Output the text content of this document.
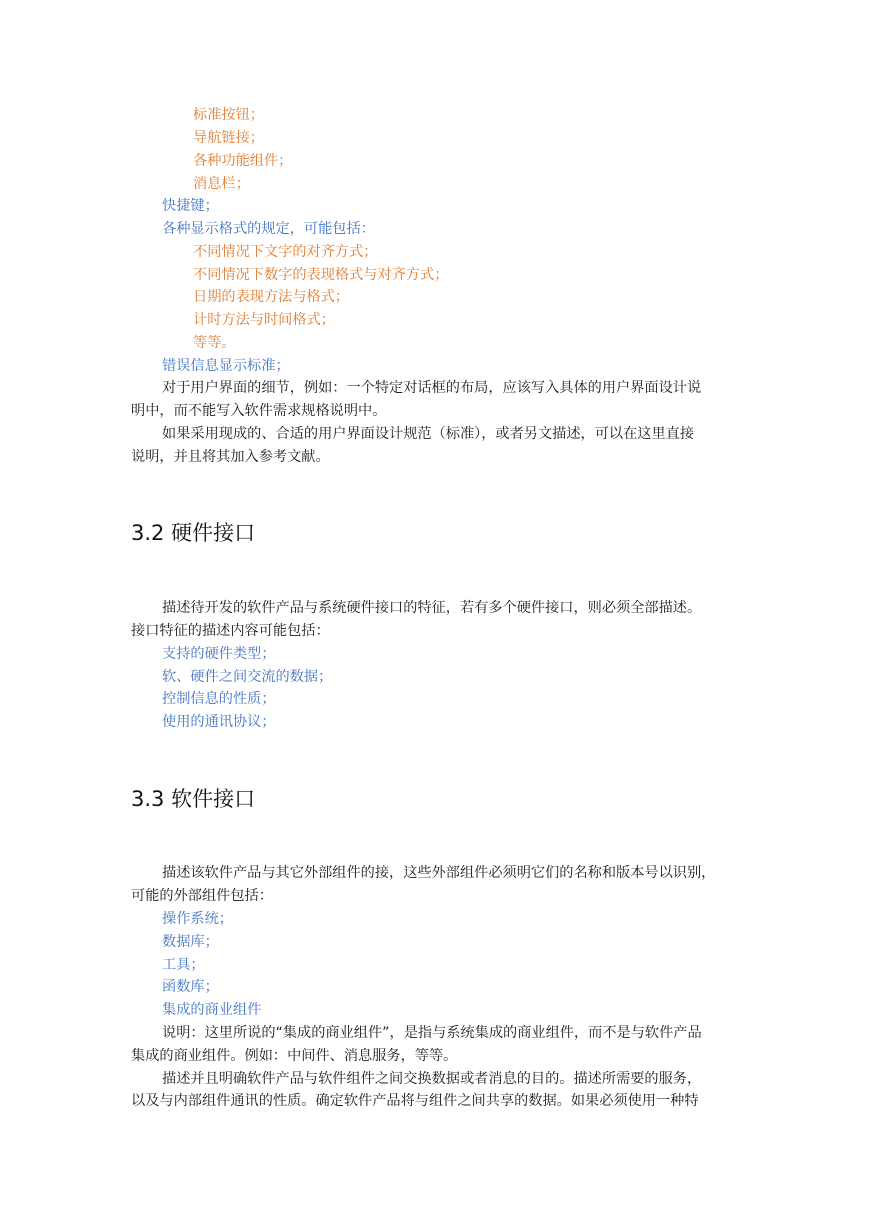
标准按钮；
导航链接；
各种功能组件；
消息栏；
快捷键；
各种显示格式的规定，可能包括：
不同情况下文字的对齐方式；
不同情况下数字的表现格式与对齐方式；
日期的表现方法与格式；
计时方法与时间格式；
等等。
错误信息显示标准；
对于用户界面的细节，例如：一个特定对话框的布局，应该写入具体的用户界面设计说
明中，而不能写入软件需求规格说明中。
如果采用现成的、合适的用户界面设计规范（标准），或者另文描述，可以在这里直接
说明，并且将其加入参考文献。
3.2 硬件接口
描述待开发的软件产品与系统硬件接口的特征，若有多个硬件接口，则必须全部描述。
接口特征的描述内容可能包括：
支持的硬件类型；
软、硬件之间交流的数据；
控制信息的性质；
使用的通讯协议；
3.3 软件接口
描述该软件产品与其它外部组件的接，这些外部组件必须明它们的名称和版本号以识别，
可能的外部组件包括：
操作系统；
数据库；
工具；
函数库；
集成的商业组件
说明：这里所说的“集成的商业组件”，是指与系统集成的商业组件，而不是与软件产品
集成的商业组件。例如：中间件、消息服务，等等。
描述并且明确软件产品与软件组件之间交换数据或者消息的目的。描述所需要的服务，
以及与内部组件通讯的性质。确定软件产品将与组件之间共享的数据。如果必须使用一种特
